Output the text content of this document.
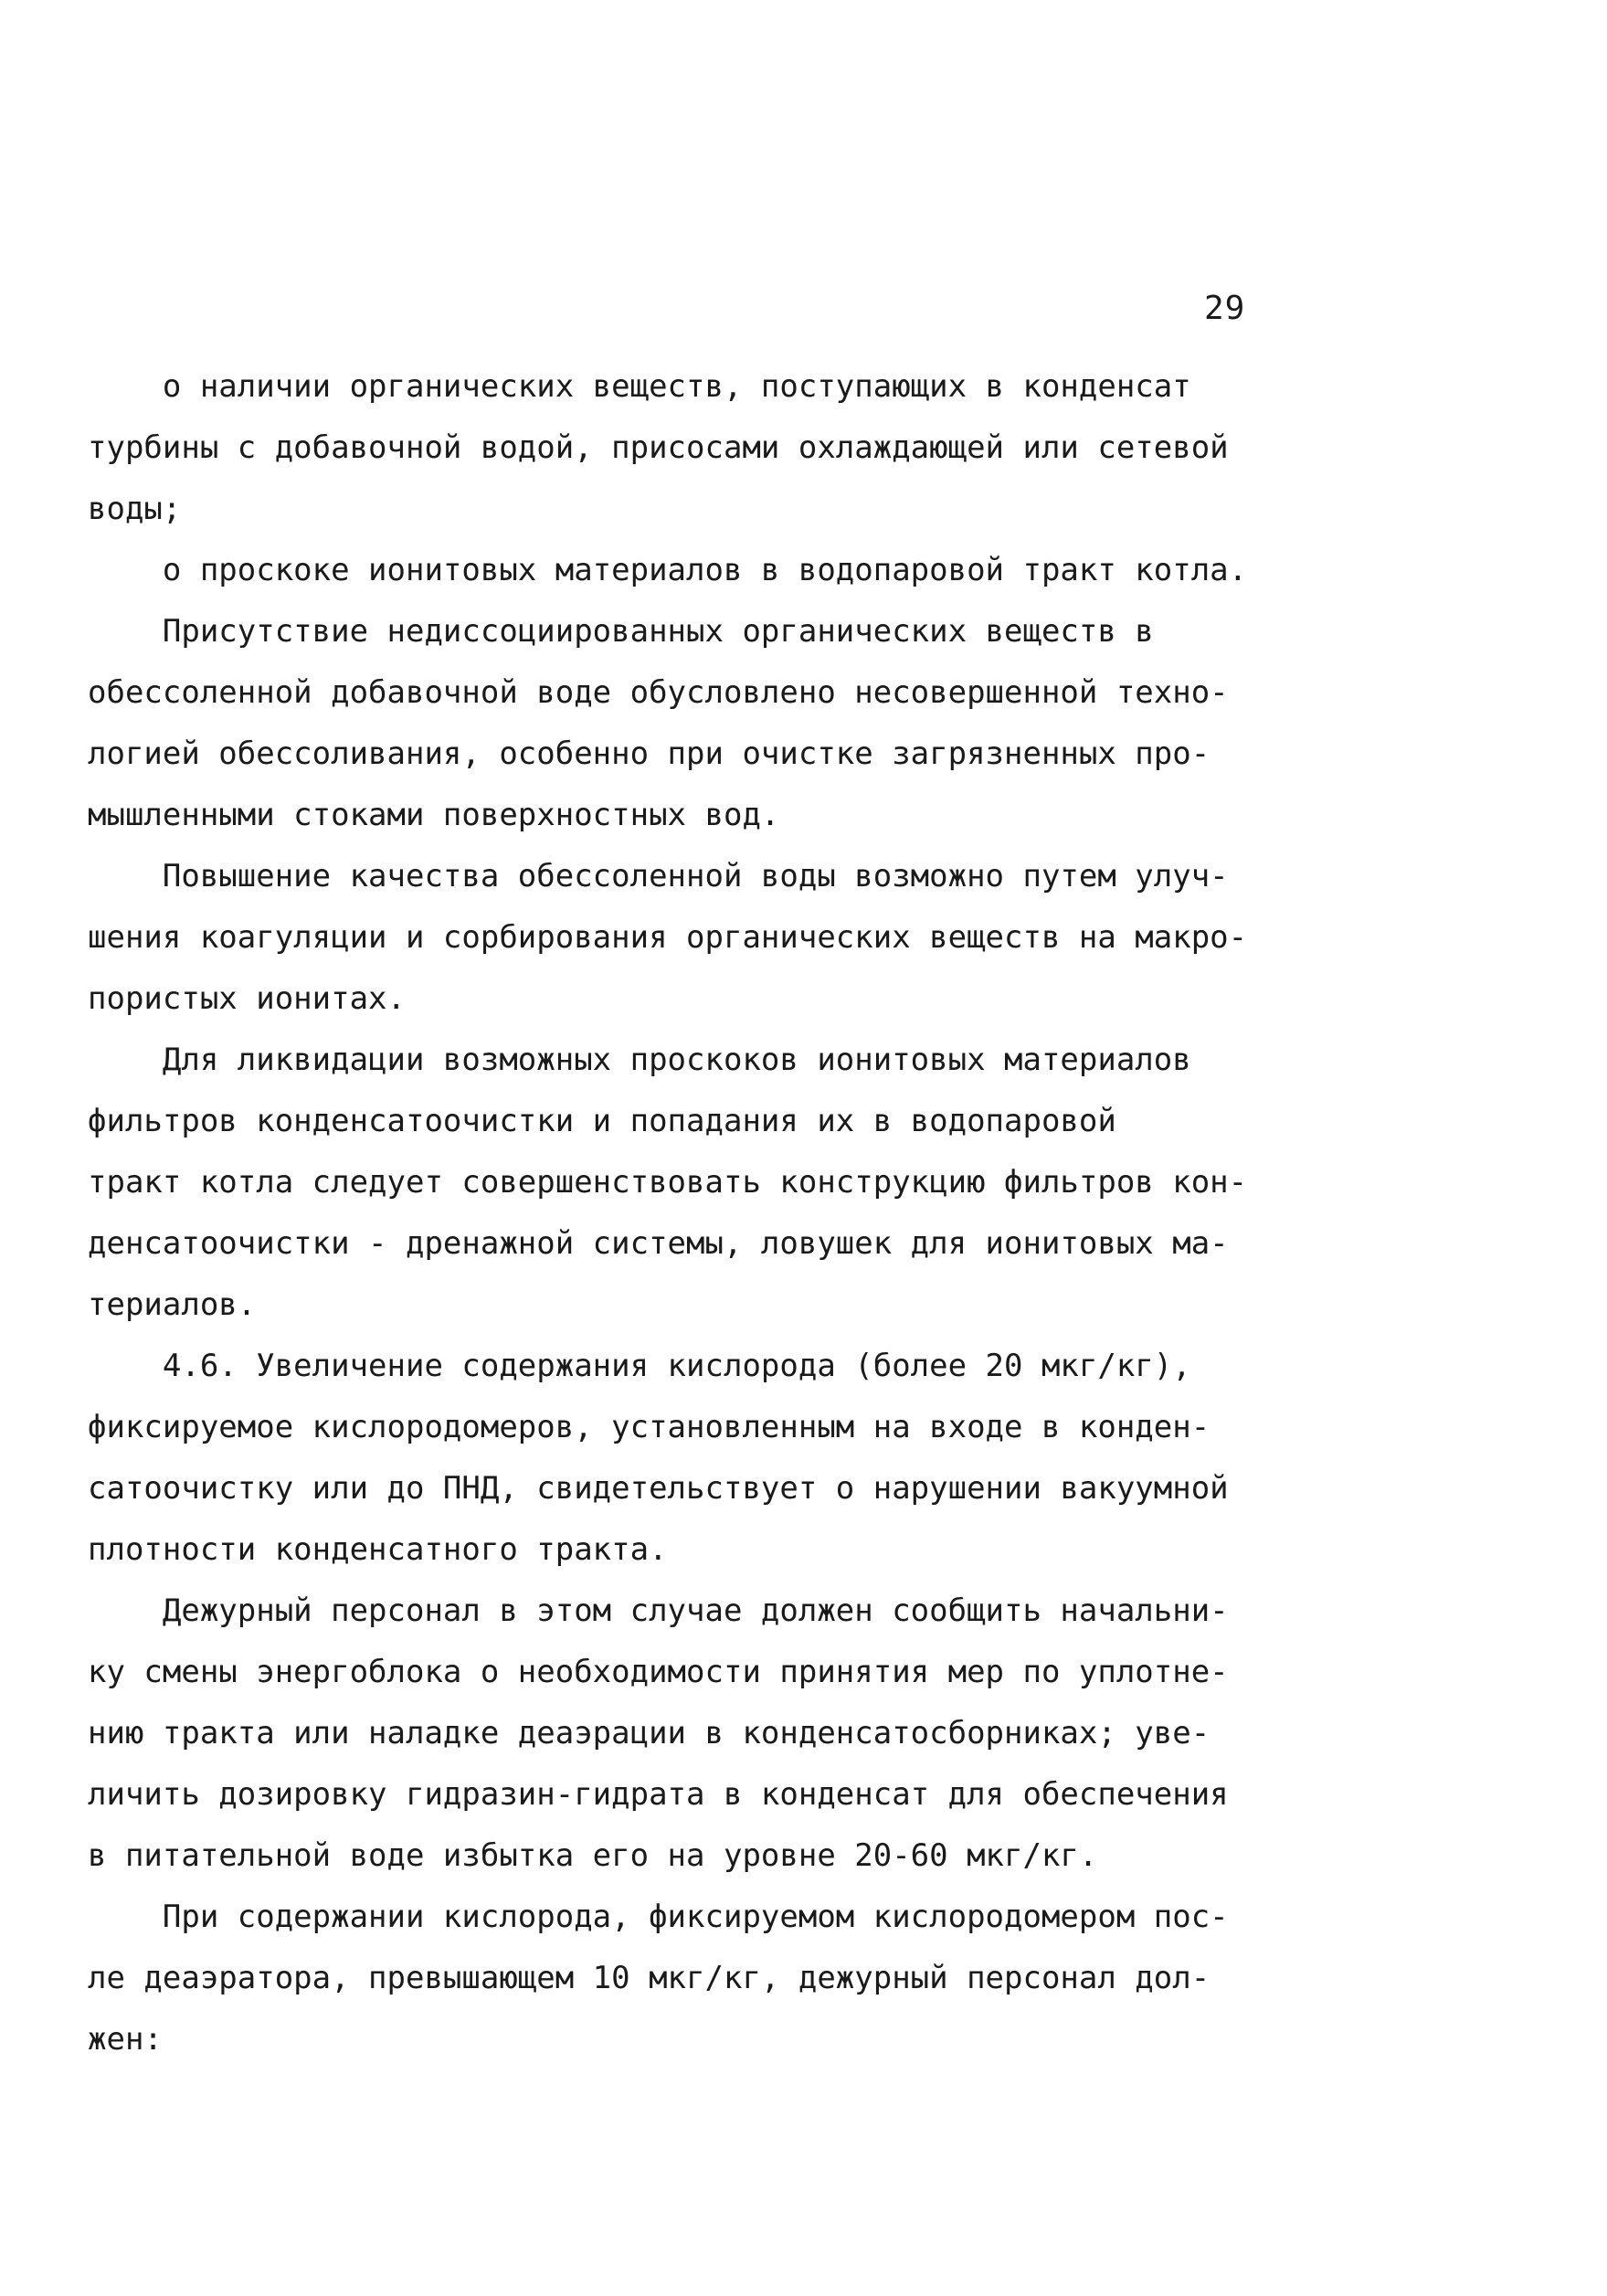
29
о наличии органических веществ, поступающих в конденсат
турбины с добавочной водой, присосами охлаждающей или сетевой
воды;
о проскоке ионитовых материалов в водопаровой тракт котла.
Присутствие недиссоциированных органических веществ в
обессоленной добавочной воде обусловлено несовершенной техно-
логией обессоливания, особенно при очистке загрязненных про-
мышленными стоками поверхностных вод.
Повышение качества обессоленной воды возможно путем улуч-
шения коагуляции и сорбирования органических веществ на макро-
пористых ионитах.
Для ликвидации возможных проскоков ионитовых материалов
фильтров конденсатоочистки и попадания их в водопаровой
тракт котла следует совершенствовать конструкцию фильтров кон-
денсатоочистки - дренажной системы, ловушек для ионитовых ма-
териалов.
4.6. Увеличение содержания кислорода (более 20 мкг/кг),
фиксируемое кислородомеров, установленным на входе в конден-
сатоочистку или до ПНД, свидетельствует о нарушении вакуумной
плотности конденсатного тракта.
Дежурный персонал в этом случае должен сообщить начальни-
ку смены энергоблока о необходимости принятия мер по уплотне-
нию тракта или наладке деаэрации в конденсатосборниках; уве-
личить дозировку гидразин-гидрата в конденсат для обеспечения
в питательной воде избытка его на уровне 20-60 мкг/кг.
При содержании кислорода, фиксируемом кислородомером пос-
ле деаэратора, превышающем 10 мкг/кг, дежурный персонал дол-
жен:
